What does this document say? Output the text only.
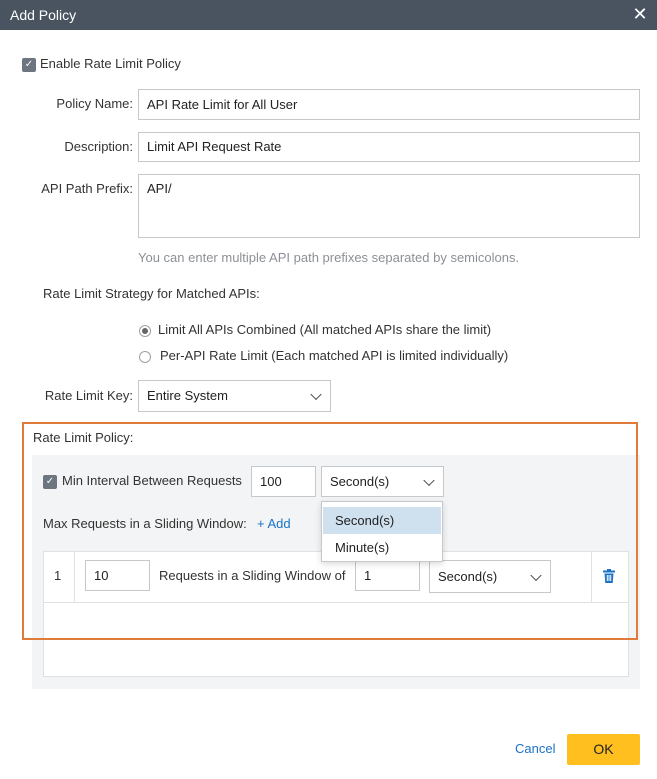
Add Policy	✕
✓ Enable Rate Limit Policy
Policy Name:	API Rate Limit for All User
Description:	Limit API Request Rate
API Path Prefix:	API/
You can enter multiple API path prefixes separated by semicolons.
Rate Limit Strategy for Matched APIs:
Limit All APIs Combined (All matched APIs share the limit)
Per-API Rate Limit (Each matched API is limited individually)
Rate Limit Key:	Entire System
Rate Limit Policy:
✓ Min Interval Between Requests	100	Second(s)
Max Requests in a Sliding Window: + Add
1	10	Requests in a Sliding Window of	1	Second(s)
Second(s)
Minute(s)
Cancel	OK
